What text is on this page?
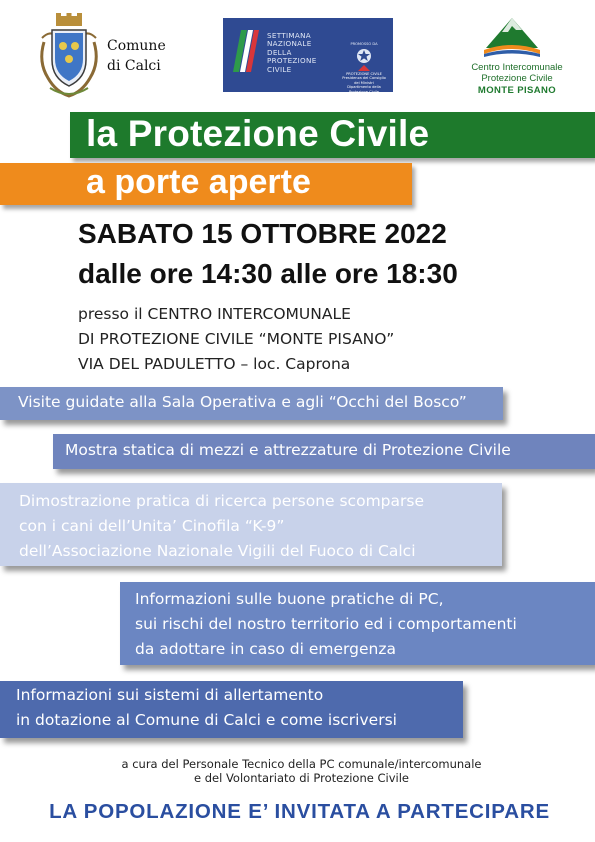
Comune
di Calci
SETTIMANA
NAZIONALE
DELLA
PROTEZIONE
CIVILE
PROMOSSO DA
PROTEZIONE CIVILE
Presidenza del Consiglio dei Ministri
Dipartimento della Protezione Civile
Centro Intercomunale
Protezione Civile
MONTE PISANO
la Protezione Civile
a porte aperte
SABATO 15 OTTOBRE 2022
dalle ore 14:30 alle ore 18:30
presso il CENTRO INTERCOMUNALE
DI PROTEZIONE CIVILE “MONTE PISANO”
VIA DEL PADULETTO – loc. Caprona
Visite guidate alla Sala Operativa e agli “Occhi del Bosco”
Mostra statica di mezzi e attrezzature di Protezione Civile
Dimostrazione pratica di ricerca persone scomparse
con i cani dell’Unita’ Cinofila “K-9”
dell’Associazione Nazionale Vigili del Fuoco di Calci
Informazioni sulle buone pratiche di PC,
sui rischi del nostro territorio ed i comportamenti
da adottare in caso di emergenza
Informazioni sui sistemi di allertamento
in dotazione al Comune di Calci e come iscriversi
a cura del Personale Tecnico della PC comunale/intercomunale
e del Volontariato di Protezione Civile
LA POPOLAZIONE E’ INVITATA A PARTECIPARE
